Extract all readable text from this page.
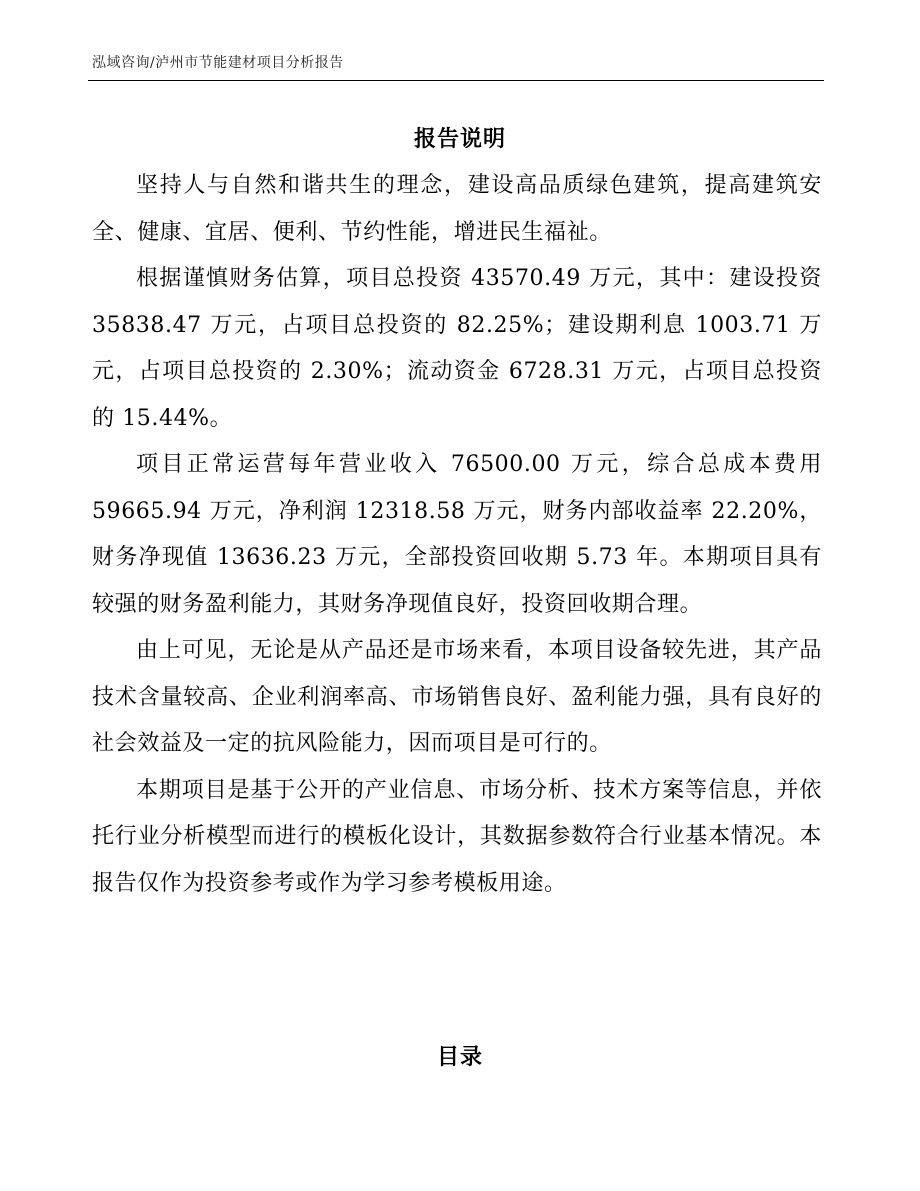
泓域咨询/泸州市节能建材项目分析报告
报告说明

坚持人与自然和谐共生的理念，建设高品质绿色建筑，提高建筑安全、健康、宜居、便利、节约性能，增进民生福祉。

根据谨慎财务估算，项目总投资 43570.49 万元，其中：建设投资 35838.47 万元，占项目总投资的 82.25%；建设期利息 1003.71 万元，占项目总投资的 2.30%；流动资金 6728.31 万元，占项目总投资的 15.44%。

项目正常运营每年营业收入 76500.00 万元，综合总成本费用 59665.94 万元，净利润 12318.58 万元，财务内部收益率 22.20%，财务净现值 13636.23 万元，全部投资回收期 5.73 年。本期项目具有较强的财务盈利能力，其财务净现值良好，投资回收期合理。

由上可见，无论是从产品还是市场来看，本项目设备较先进，其产品技术含量较高、企业利润率高、市场销售良好、盈利能力强，具有良好的社会效益及一定的抗风险能力，因而项目是可行的。

本期项目是基于公开的产业信息、市场分析、技术方案等信息，并依托行业分析模型而进行的模板化设计，其数据参数符合行业基本情况。本报告仅作为投资参考或作为学习参考模板用途。

目录
